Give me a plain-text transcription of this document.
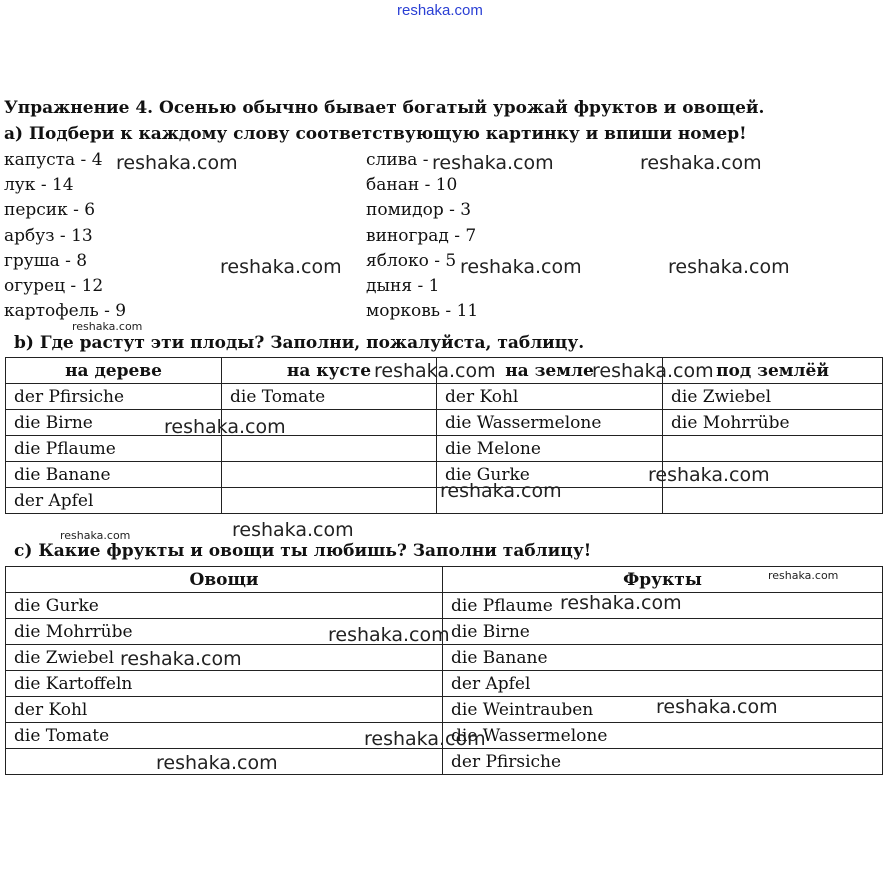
reshaka.com
Упражнение 4. Осенью обычно бывает богатый урожай фруктов и овощей.
a) Подбери к каждому слову соответствующую картинку и впиши номер!
капуста - 4
лук - 14
персик - 6
арбуз - 13
груша - 8
огурец - 12
картофель - 9
слива -
банан - 10
помидор - 3
виноград - 7
яблоко - 5
дыня - 1
морковь - 11
b) Где растут эти плоды? Заполни, пожалуйста, таблицу.
на дереве	на кусте	на земле	под землёй
der Pfirsiche	die Tomate	der Kohl	die Zwiebel
die Birne		die Wassermelone	die Mohrrübe
die Pflaume		die Melone	
die Banane		die Gurke	
der Apfel			
c) Какие фрукты и овощи ты любишь? Заполни таблицу!
Овощи	Фрукты
die Gurke	die Pflaume
die Mohrrübe	die Birne
die Zwiebel	die Banane
die Kartoffeln	der Apfel
der Kohl	die Weintrauben
die Tomate	die Wassermelone
	der Pfirsiche
reshaka.com	reshaka.com	reshaka.com
reshaka.com	reshaka.com	reshaka.com
reshaka.com
reshaka.com	reshaka.com
reshaka.com
reshaka.com
reshaka.com
reshaka.com	reshaka.com
reshaka.com
reshaka.com
reshaka.com
reshaka.com
reshaka.com
reshaka.com
reshaka.com
